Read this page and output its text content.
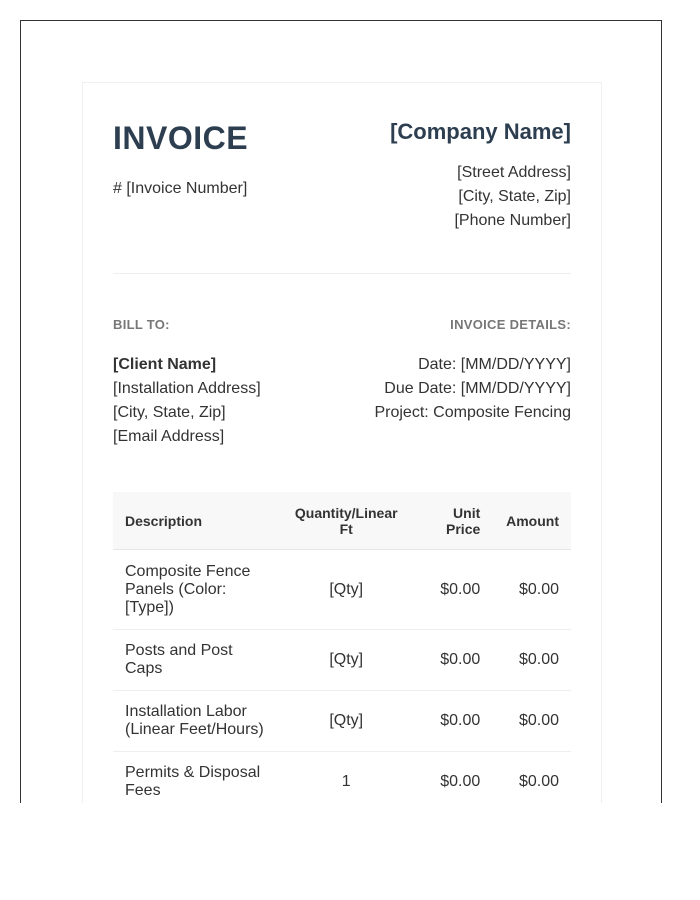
INVOICE
# [Invoice Number]
[Company Name]
[Street Address]
[City, State, Zip]
[Phone Number]
BILL TO:
[Client Name]
[Installation Address]
[City, State, Zip]
[Email Address]
INVOICE DETAILS:
Date: [MM/DD/YYYY]
Due Date: [MM/DD/YYYY]
Project: Composite Fencing
Description	Quantity/Linear Ft	Unit Price	Amount
Composite Fence Panels (Color: [Type])	[Qty]	$0.00	$0.00
Posts and Post Caps	[Qty]	$0.00	$0.00
Installation Labor (Linear Feet/Hours)	[Qty]	$0.00	$0.00
Permits & Disposal Fees	1	$0.00	$0.00
